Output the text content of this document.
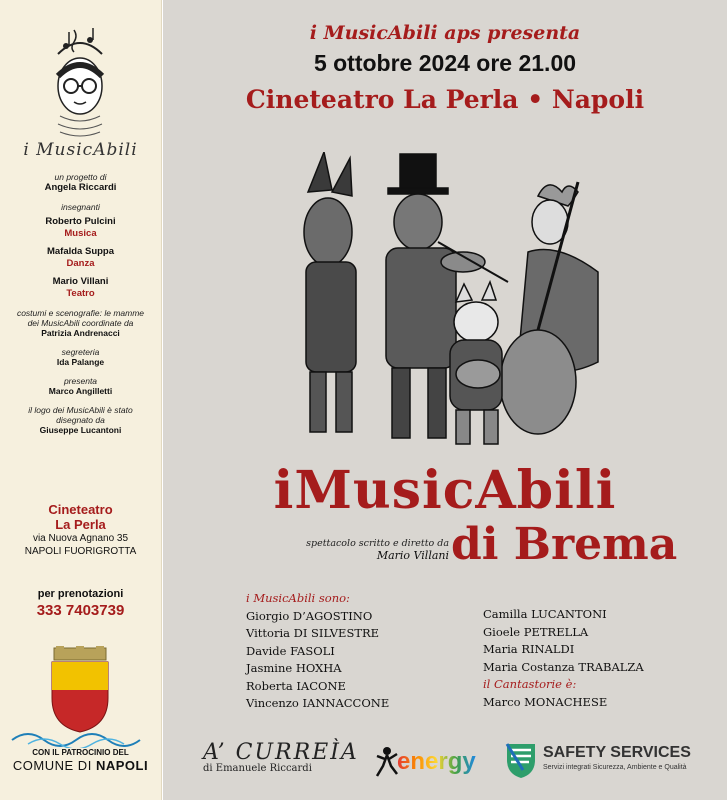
i MusicAbili
un progetto di
Angela Riccardi
insegnanti
Roberto Pulcini
Musica
Mafalda Suppa
Danza
Mario Villani
Teatro
costumi e scenografie: le mamme dei MusicAbili coordinate da
Patrizia Andrenacci
segreteria
Ida Palange
presenta
Marco Angilletti
il logo dei MusicAbili è stato disegnato da
Giuseppe Lucantoni
Cineteatro
La Perla
via Nuova Agnano 35
NAPOLI FUORIGROTTA
per prenotazioni
333 7403739
CON IL PATROCINIO DEL
COMUNE DI NAPOLI
i MusicAbili aps presenta
5 ottobre 2024 ore 21.00
Cineteatro La Perla • Napoli
iMusicAbili
spettacolo scritto e diretto da
Mario Villani di Brema
i MusicAbili sono:
Giorgio D’AGOSTINO
Vittoria DI SILVESTRE
Davide FASOLI
Jasmine HOXHA
Roberta IACONE
Vincenzo IANNACCONE
Camilla LUCANTONI
Gioele PETRELLA
Maria RINALDI
Maria Costanza TRABALZA
il Cantastorie è:
Marco MONACHESE
A’ CURREÌA
di Emanuele Riccardi	energy	SAFETY SERVICES
Servizi integrati Sicurezza, Ambiente e Qualità
